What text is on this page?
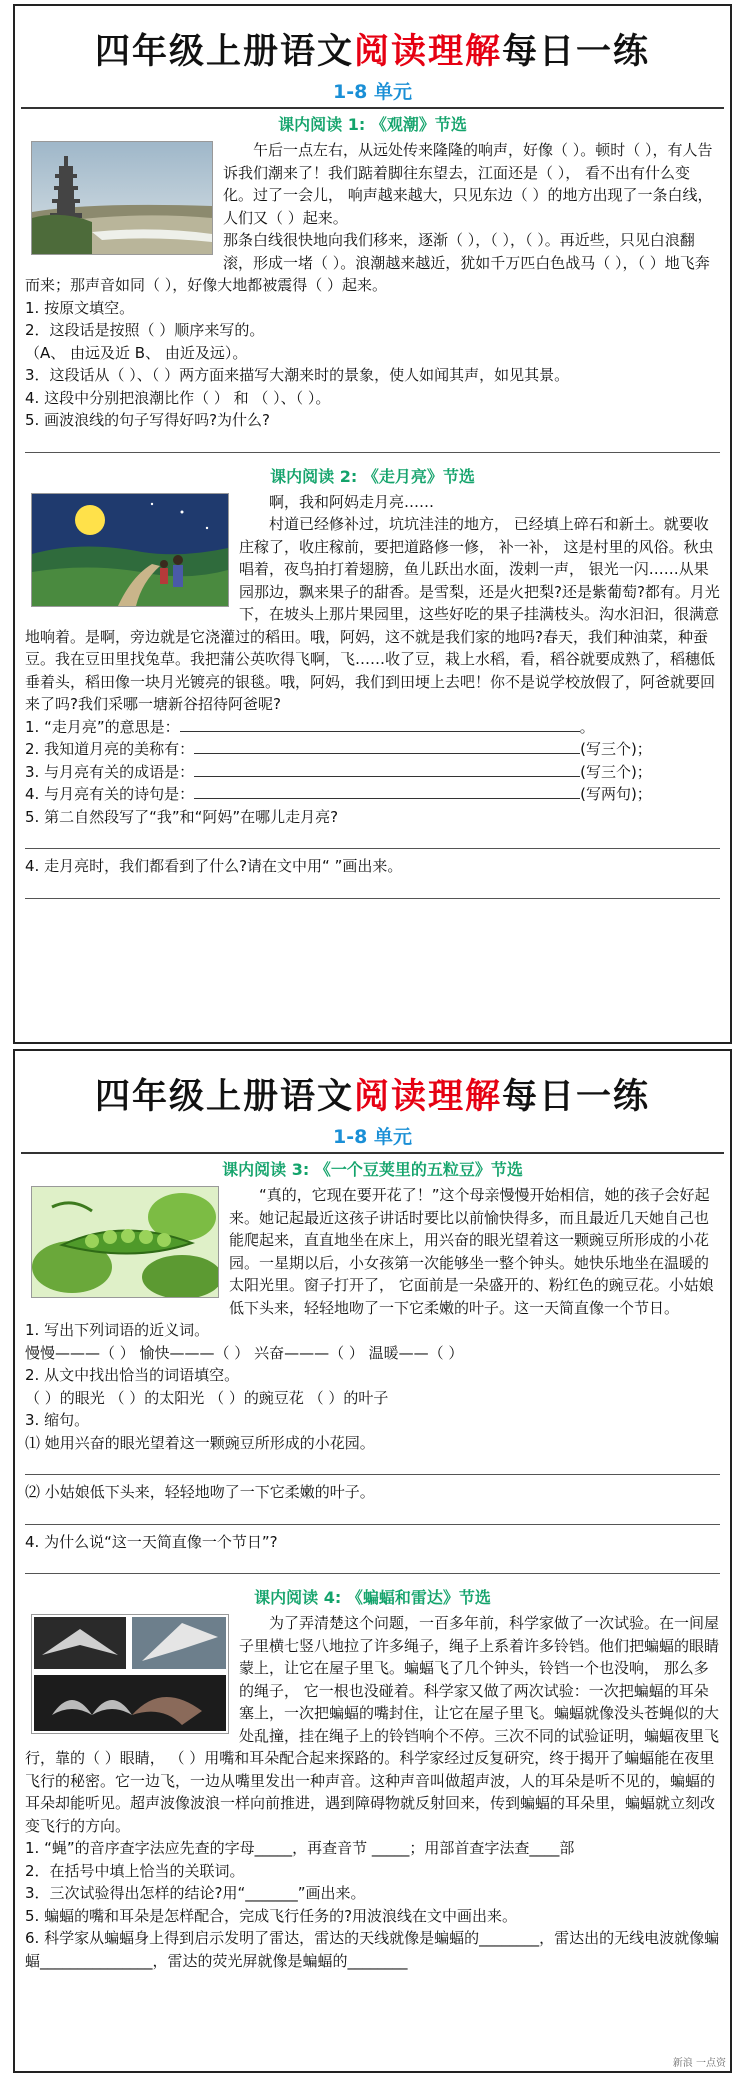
四年级上册语文阅读理解每日一练
1-8 单元
课内阅读 1: 《观潮》节选

午后一点左右，从远处传来隆隆的响声，好像（ ）。顿时（ ），有人告诉我们潮来了！我们踮着脚往东望去，江面还是（ ）， 看不出有什么变化。过了一会儿， 响声越来越大，只见东边（ ）的地方出现了一条白线， 人们又（ ）起来。

那条白线很快地向我们移来，逐渐（ ），（ ），（ ）。再近些，只见白浪翻滚，形成一堵（ ）。浪潮越来越近，犹如千万匹白色战马（ ），（ ）地飞奔而来；那声音如同（ ），好像大地都被震得（ ）起来。

1. 按原文填空。

2．这段话是按照（ ）顺序来写的。

（A、 由远及近 B、 由近及远）。

3．这段话从（ ）、（ ）两方面来描写大潮来时的景象，使人如闻其声，如见其景。

4. 这段中分别把浪潮比作（ ） 和 （ ）、（ ）。

5. 画波浪线的句子写得好吗?为什么?

课内阅读 2: 《走月亮》节选

啊，我和阿妈走月亮……

村道已经修补过，坑坑洼洼的地方， 已经填上碎石和新土。就要收庄稼了，收庄稼前，要把道路修一修， 补一补， 这是村里的风俗。秋虫唱着，夜鸟拍打着翅膀，鱼儿跃出水面，泼剌一声， 银光一闪……从果园那边，飘来果子的甜香。是雪梨，还是火把梨?还是紫葡萄?都有。月光下，在坡头上那片果园里，这些好吃的果子挂满枝头。沟水汩汩，很满意地响着。是啊，旁边就是它浇灌过的稻田。哦，阿妈，这不就是我们家的地吗?春天，我们种油菜，种蚕豆。我在豆田里找兔草。我把蒲公英吹得飞啊，飞……收了豆，栽上水稻，看，稻谷就要成熟了，稻穗低垂着头，稻田像一块月光镀亮的银毯。哦，阿妈，我们到田埂上去吧！你不是说学校放假了，阿爸就要回来了吗?我们采哪一塘新谷招待阿爸呢?

1. “走月亮”的意思是：	。

2. 我知道月亮的美称有：	(写三个)；

3. 与月亮有关的成语是：	(写三个)；

4. 与月亮有关的诗句是：	(写两句)；

5. 第二自然段写了“我”和“阿妈”在哪儿走月亮?

4. 走月亮时，我们都看到了什么?请在文中用“ ”画出来。

四年级上册语文阅读理解每日一练
1-8 单元
课内阅读 3: 《一个豆荚里的五粒豆》节选

“真的，它现在要开花了！”这个母亲慢慢开始相信，她的孩子会好起来。她记起最近这孩子讲话时要比以前愉快得多，而且最近几天她自己也能爬起来，直直地坐在床上，用兴奋的眼光望着这一颗豌豆所形成的小花园。一星期以后，小女孩第一次能够坐一整个钟头。她快乐地坐在温暖的太阳光里。窗子打开了， 它面前是一朵盛开的、粉红色的豌豆花。小姑娘低下头来，轻轻地吻了一下它柔嫩的叶子。这一天简直像一个节日。

1. 写出下列词语的近义词。

慢慢———（ ） 愉快———（ ） 兴奋———（ ） 温暖——（ ）

2. 从文中找出恰当的词语填空。

（ ）的眼光 （ ）的太阳光 （ ）的豌豆花 （ ）的叶子

3. 缩句。

⑴ 她用兴奋的眼光望着这一颗豌豆所形成的小花园。

⑵ 小姑娘低下头来，轻轻地吻了一下它柔嫩的叶子。

4. 为什么说“这一天简直像一个节日”?

课内阅读 4: 《蝙蝠和雷达》节选

为了弄清楚这个问题，一百多年前，科学家做了一次试验。在一间屋子里横七竖八地拉了许多绳子，绳子上系着许多铃铛。他们把蝙蝠的眼睛蒙上，让它在屋子里飞。蝙蝠飞了几个钟头，铃铛一个也没响， 那么多的绳子， 它一根也没碰着。科学家又做了两次试验：一次把蝙蝠的耳朵塞上，一次把蝙蝠的嘴封住，让它在屋子里飞。蝙蝠就像没头苍蝇似的大处乱撞，挂在绳子上的铃铛响个不停。三次不同的试验证明，蝙蝠夜里飞行，靠的（ ）眼睛， （ ）用嘴和耳朵配合起来探路的。科学家经过反复研究，终于揭开了蝙蝠能在夜里飞行的秘密。它一边飞，一边从嘴里发出一种声音。这种声音叫做超声波，人的耳朵是听不见的，蝙蝠的耳朵却能听见。超声波像波浪一样向前推进，遇到障碍物就反射回来，传到蝙蝠的耳朵里，蝙蝠就立刻改变飞行的方向。

1. “蝇”的音序查字法应先查的字母_____，再查音节 _____；用部首查字法查____部

2．在括号中填上恰当的关联词。

3．三次试验得出怎样的结论?用“_______”画出来。

5. 蝙蝠的嘴和耳朵是怎样配合，完成飞行任务的?用波浪线在文中画出来。

6. 科学家从蝙蝠身上得到启示发明了雷达，雷达的天线就像是蝙蝠的________，雷达出的无线电波就像蝙蝠_______________，雷达的荧光屏就像是蝙蝠的________

新浪 一点资
